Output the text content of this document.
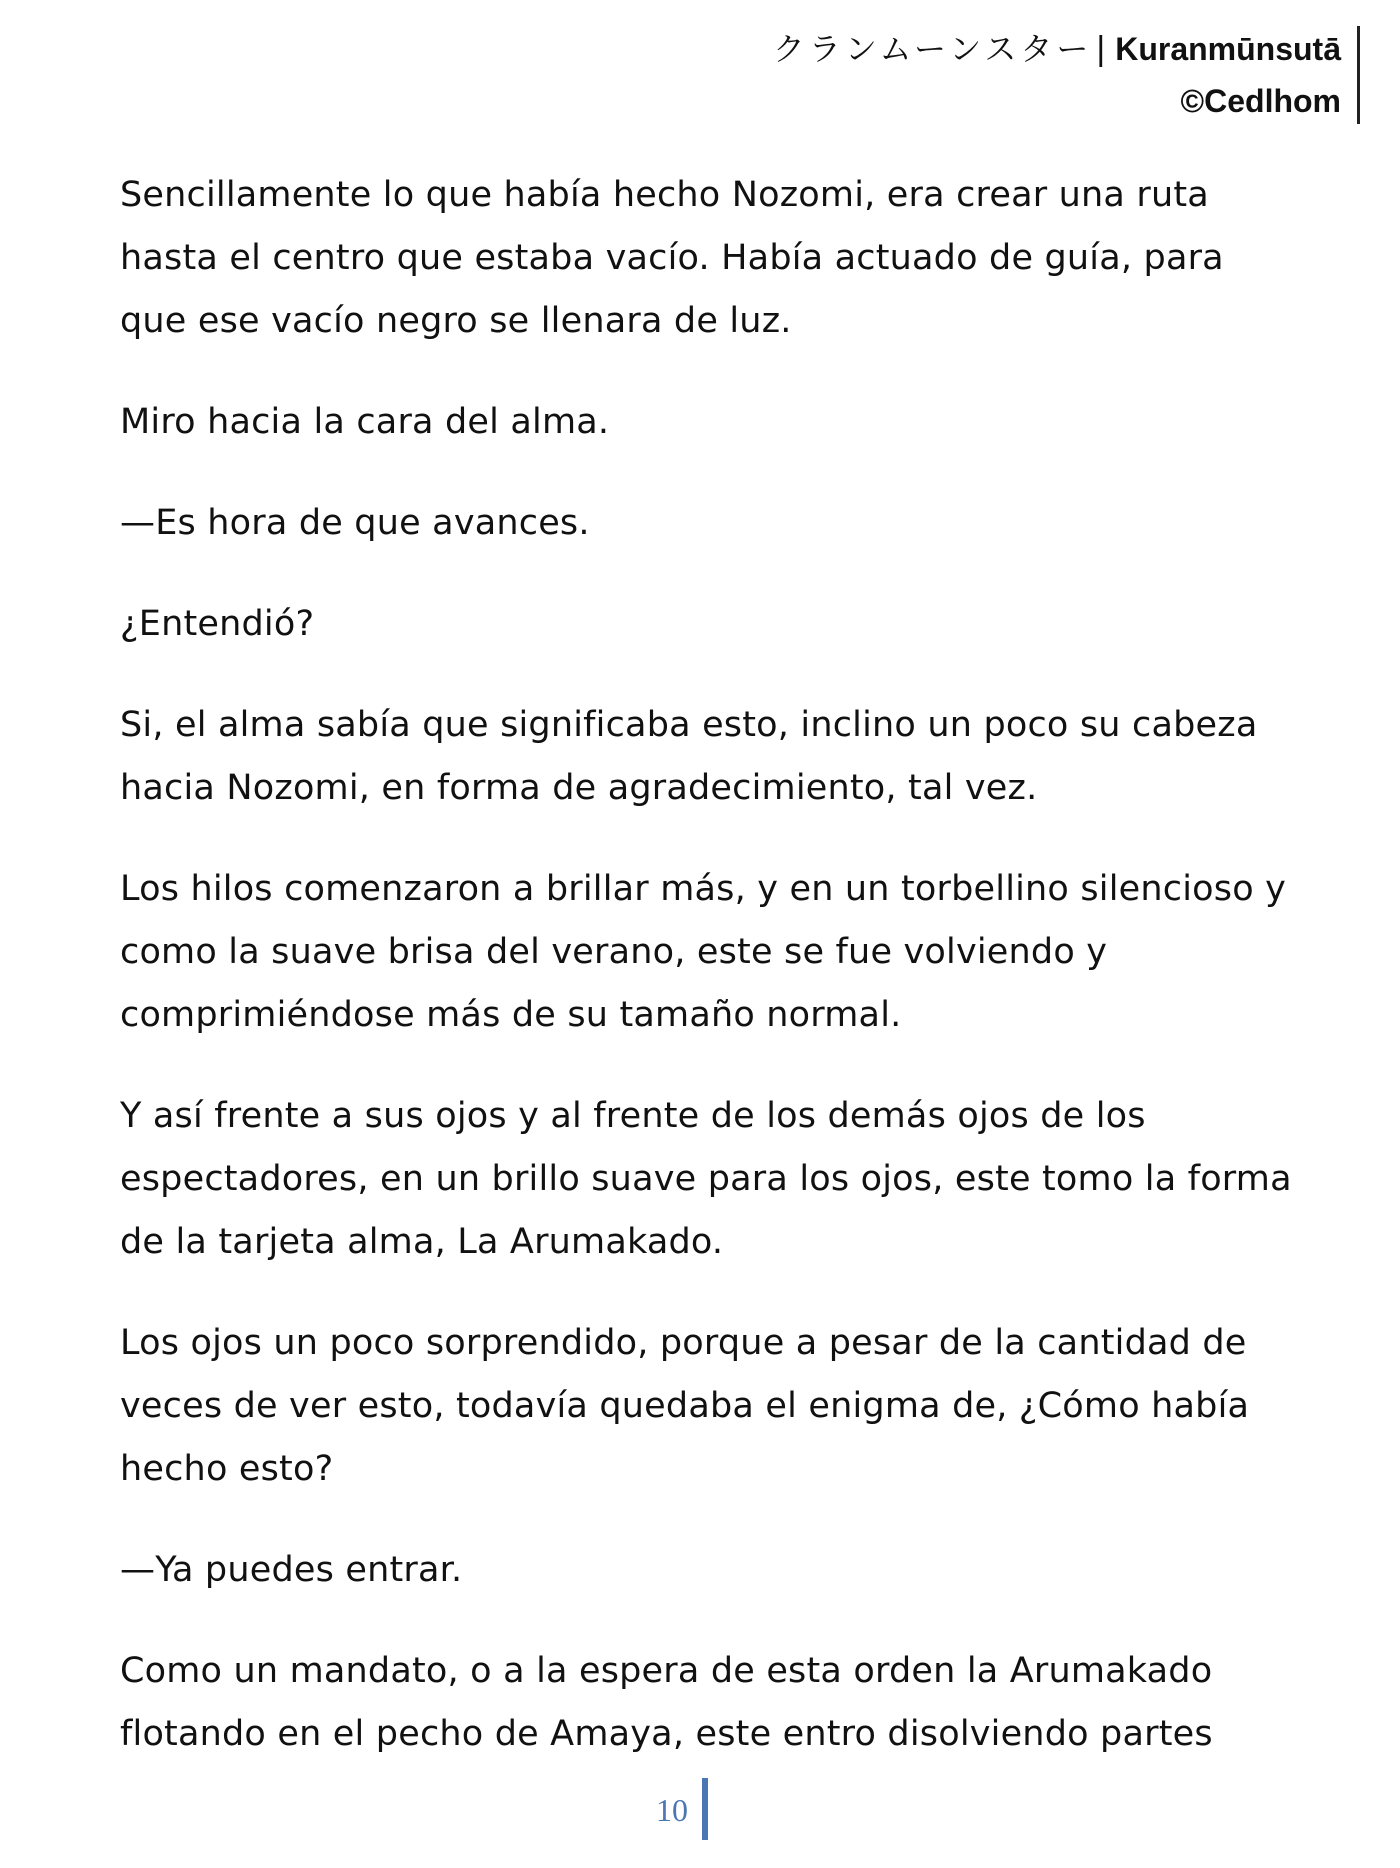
クランムーンスター | Kuranmūnsutā
©Cedlhom

Sencillamente lo que había hecho Nozomi, era crear una ruta hasta el centro que estaba vacío. Había actuado de guía, para que ese vacío negro se llenara de luz.

Miro hacia la cara del alma.

—Es hora de que avances.

¿Entendió?

Si, el alma sabía que significaba esto, inclino un poco su cabeza hacia Nozomi, en forma de agradecimiento, tal vez.

Los hilos comenzaron a brillar más, y en un torbellino silencioso y como la suave brisa del verano, este se fue volviendo y comprimiéndose más de su tamaño normal.

Y así frente a sus ojos y al frente de los demás ojos de los espectadores, en un brillo suave para los ojos, este tomo la forma de la tarjeta alma, La Arumakado.

Los ojos un poco sorprendido, porque a pesar de la cantidad de veces de ver esto, todavía quedaba el enigma de, ¿Cómo había hecho esto?

—Ya puedes entrar.

Como un mandato, o a la espera de esta orden la Arumakado flotando en el pecho de Amaya, este entro disolviendo partes

10
